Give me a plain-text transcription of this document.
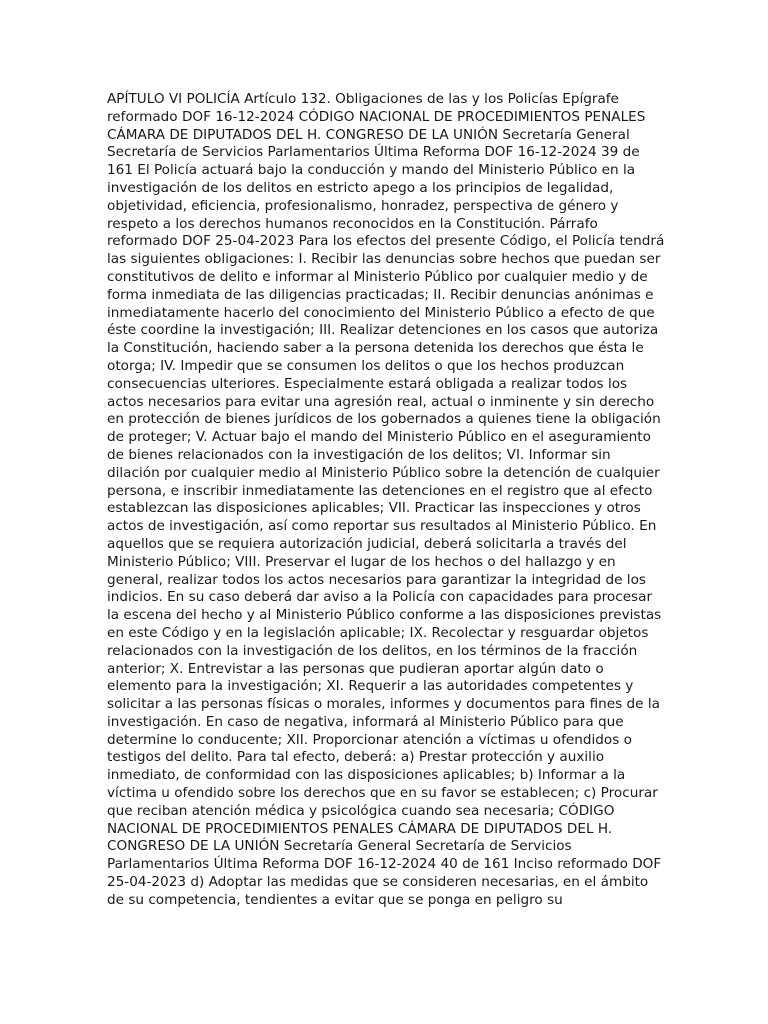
APÍTULO VI POLICÍA Artículo 132. Obligaciones de las y los Policías Epígrafe reformado DOF 16-12-2024 CÓDIGO NACIONAL DE PROCEDIMIENTOS PENALES CÁMARA DE DIPUTADOS DEL H. CONGRESO DE LA UNIÓN Secretaría General Secretaría de Servicios Parlamentarios Última Reforma DOF 16-12-2024 39 de 161 El Policía actuará bajo la conducción y mando del Ministerio Público en la investigación de los delitos en estricto apego a los principios de legalidad, objetividad, eficiencia, profesionalismo, honradez, perspectiva de género y respeto a los derechos humanos reconocidos en la Constitución. Párrafo reformado DOF 25-04-2023 Para los efectos del presente Código, el Policía tendrá las siguientes obligaciones: I. Recibir las denuncias sobre hechos que puedan ser constitutivos de delito e informar al Ministerio Público por cualquier medio y de forma inmediata de las diligencias practicadas; II. Recibir denuncias anónimas e inmediatamente hacerlo del conocimiento del Ministerio Público a efecto de que éste coordine la investigación; III. Realizar detenciones en los casos que autoriza la Constitución, haciendo saber a la persona detenida los derechos que ésta le otorga; IV. Impedir que se consumen los delitos o que los hechos produzcan consecuencias ulteriores. Especialmente estará obligada a realizar todos los actos necesarios para evitar una agresión real, actual o inminente y sin derecho en protección de bienes jurídicos de los gobernados a quienes tiene la obligación de proteger; V. Actuar bajo el mando del Ministerio Público en el aseguramiento de bienes relacionados con la investigación de los delitos; VI. Informar sin dilación por cualquier medio al Ministerio Público sobre la detención de cualquier persona, e inscribir inmediatamente las detenciones en el registro que al efecto establezcan las disposiciones aplicables; VII. Practicar las inspecciones y otros actos de investigación, así como reportar sus resultados al Ministerio Público. En aquellos que se requiera autorización judicial, deberá solicitarla a través del Ministerio Público; VIII. Preservar el lugar de los hechos o del hallazgo y en general, realizar todos los actos necesarios para garantizar la integridad de los indicios. En su caso deberá dar aviso a la Policía con capacidades para procesar la escena del hecho y al Ministerio Público conforme a las disposiciones previstas en este Código y en la legislación aplicable; IX. Recolectar y resguardar objetos relacionados con la investigación de los delitos, en los términos de la fracción anterior; X. Entrevistar a las personas que pudieran aportar algún dato o elemento para la investigación; XI. Requerir a las autoridades competentes y solicitar a las personas físicas o morales, informes y documentos para fines de la investigación. En caso de negativa, informará al Ministerio Público para que determine lo conducente; XII. Proporcionar atención a víctimas u ofendidos o testigos del delito. Para tal efecto, deberá: a) Prestar protección y auxilio inmediato, de conformidad con las disposiciones aplicables; b) Informar a la víctima u ofendido sobre los derechos que en su favor se establecen; c) Procurar que reciban atención médica y psicológica cuando sea necesaria; CÓDIGO NACIONAL DE PROCEDIMIENTOS PENALES CÁMARA DE DIPUTADOS DEL H. CONGRESO DE LA UNIÓN Secretaría General Secretaría de Servicios Parlamentarios Última Reforma DOF 16-12-2024 40 de 161 Inciso reformado DOF 25-04-2023 d) Adoptar las medidas que se consideren necesarias, en el ámbito de su competencia, tendientes a evitar que se ponga en peligro su
